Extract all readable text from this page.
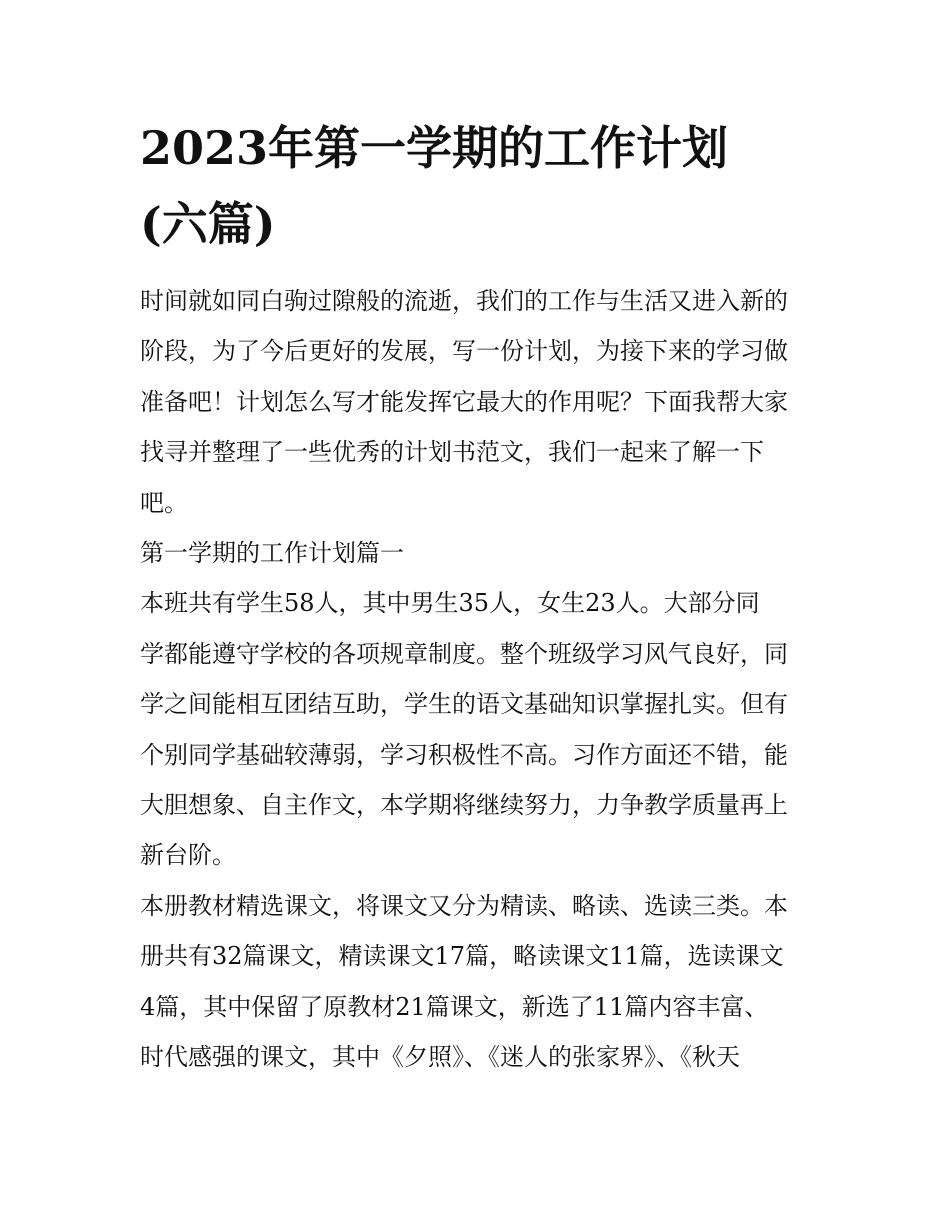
2023年第一学期的工作计划
(六篇)
时间就如同白驹过隙般的流逝，我们的工作与生活又进入新的
阶段，为了今后更好的发展，写一份计划，为接下来的学习做
准备吧！计划怎么写才能发挥它最大的作用呢？下面我帮大家
找寻并整理了一些优秀的计划书范文，我们一起来了解一下
吧。
第一学期的工作计划篇一
本班共有学生58人，其中男生35人，女生23人。大部分同
学都能遵守学校的各项规章制度。整个班级学习风气良好，同
学之间能相互团结互助，学生的语文基础知识掌握扎实。但有
个别同学基础较薄弱，学习积极性不高。习作方面还不错，能
大胆想象、自主作文，本学期将继续努力，力争教学质量再上
新台阶。
本册教材精选课文，将课文又分为精读、略读、选读三类。本
册共有32篇课文，精读课文17篇，略读课文11篇，选读课文
4篇，其中保留了原教材21篇课文，新选了11篇内容丰富、
时代感强的课文，其中《夕照》、《迷人的张家界》、《秋天
